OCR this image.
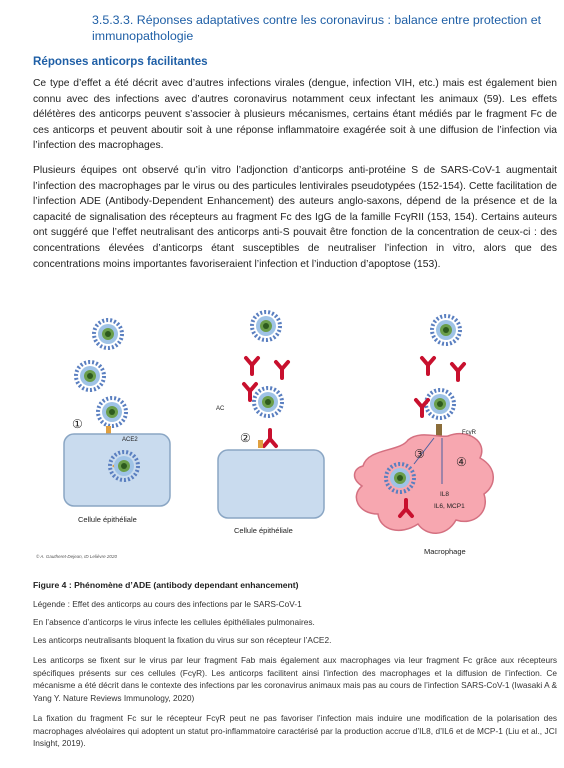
3.5.3.3. Réponses adaptatives contre les coronavirus : balance entre protection et immunopathologie
Réponses anticorps facilitantes

Ce type d’effet a été décrit avec d’autres infections virales (dengue, infection VIH, etc.) mais est également bien connu avec des infections avec d’autres coronavirus notamment ceux infectant les animaux (59). Les effets délétères des anticorps peuvent s’associer à plusieurs mécanismes, certains étant médiés par le fragment Fc de ces anticorps et peuvent aboutir soit à une réponse inflammatoire exagérée soit à une diffusion de l’infection via l’infection des macrophages.

Plusieurs équipes ont observé qu’in vitro l’adjonction d’anticorps anti-protéine S de SARS-CoV-1 augmentait l’infection des macrophages par le virus ou des particules lentivirales pseudotypées (152-154). Cette facilitation de l’infection ADE (Antibody-Dependent Enhancement) des auteurs anglo-saxons, dépend de la présence et de la capacité de signalisation des récepteurs au fragment Fc des IgG de la famille FcγRII (153, 154). Certains auteurs ont suggéré que l’effet neutralisant des anticorps anti-S pouvait être fonction de la concentration de ceux-ci : des concentrations élevées d’anticorps étant susceptibles de neutraliser l’infection in vitro, alors que des concentrations moins importantes favoriseraient l’infection et l’induction d’apoptose (153).

①
ACE2
Cellule épithéliale
AC
②
Cellule épithéliale
FcγR
③
④
IL8
IL6, MCP1
Macrophage
© A. Gautheret-Dejean, ID Lelièvre 2020
Figure 4 : Phénomène d’ADE (antibody dependant enhancement)

Légende : Effet des anticorps au cours des infections par le SARS-CoV-1

En l’absence d’anticorps le virus infecte les cellules épithéliales pulmonaires.

Les anticorps neutralisants bloquent la fixation du virus sur son récepteur l’ACE2.

Les anticorps se fixent sur le virus par leur fragment Fab mais également aux macrophages via leur fragment Fc grâce aux récepteurs spécifiques présents sur ces cellules (FcγR). Les anticorps facilitent ainsi l’infection des macrophages et la diffusion de l’infection. Ce mécanisme a été décrit dans le contexte des infections par les coronavirus animaux mais pas au cours de l’infection SARS-CoV-1 (Iwasaki A & Yang Y. Nature Reviews Immunology, 2020)

La fixation du fragment Fc sur le récepteur FcγR peut ne pas favoriser l’infection mais induire une modification de la polarisation des macrophages alvéolaires qui adoptent un statut pro-inflammatoire caractérisé par la production accrue d’IL8, d’IL6 et de MCP-1 (Liu et al., JCI Insight, 2019).
